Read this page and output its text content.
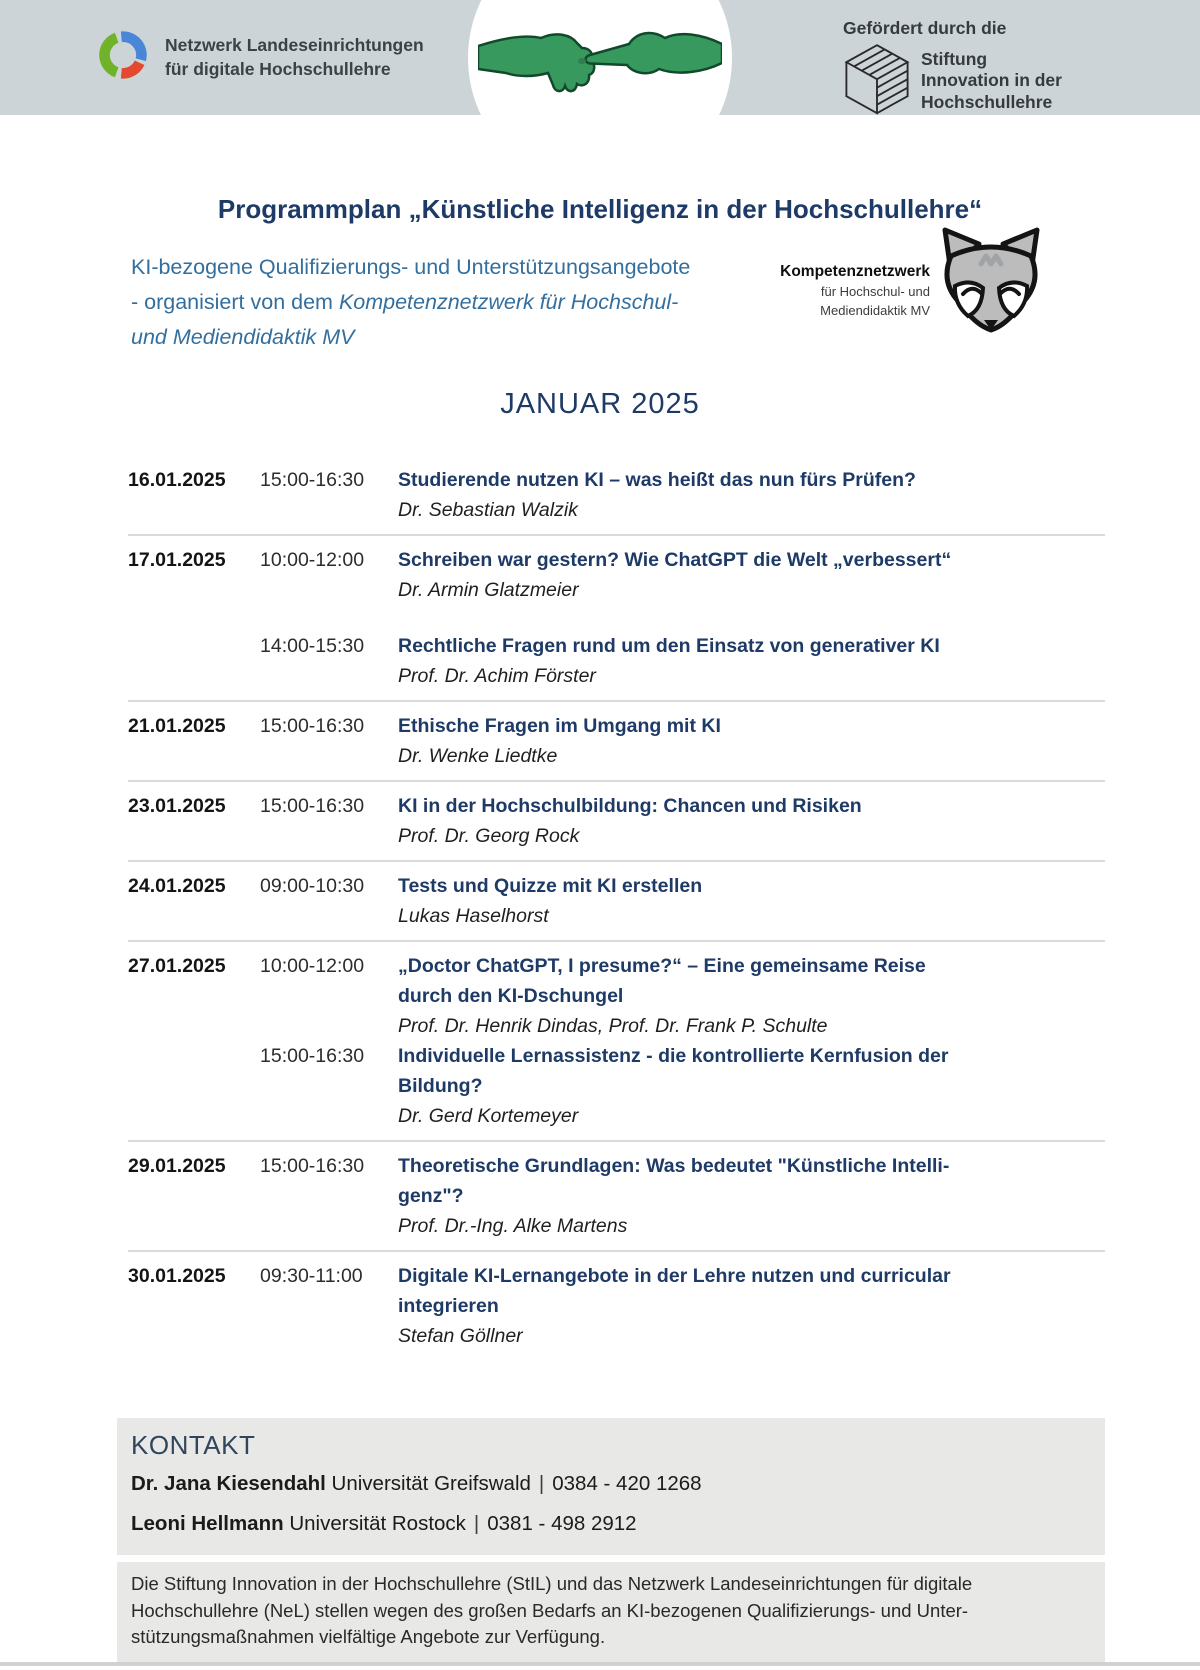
Netzwerk Landeseinrichtungen
für digitale Hochschullehre
Gefördert durch die
Stiftung
Innovation in der
Hochschullehre
Programmplan „Künstliche Intelligenz in der Hochschullehre“
KI-bezogene Qualifizierungs- und Unterstützungsangebote
- organisiert von dem Kompetenznetzwerk für Hochschul-
und Mediendidaktik MV
Kompetenznetzwerk
für Hochschul- und
Mediendidaktik MV
JANUAR 2025
16.01.2025	15:00-16:30	Studierende nutzen KI – was heißt das nun fürs Prüfen?
Dr. Sebastian Walzik
17.01.2025	10:00-12:00	Schreiben war gestern? Wie ChatGPT die Welt „verbessert“
Dr. Armin Glatzmeier
14:00-15:30	Rechtliche Fragen rund um den Einsatz von generativer KI
Prof. Dr. Achim Förster
21.01.2025	15:00-16:30	Ethische Fragen im Umgang mit KI
Dr. Wenke Liedtke
23.01.2025	15:00-16:30	KI in der Hochschulbildung: Chancen und Risiken
Prof. Dr. Georg Rock
24.01.2025	09:00-10:30	Tests und Quizze mit KI erstellen
Lukas Haselhorst
27.01.2025	10:00-12:00	„Doctor ChatGPT, I presume?“ – Eine gemeinsame Reise
durch den KI-Dschungel
Prof. Dr. Henrik Dindas, Prof. Dr. Frank P. Schulte
15:00-16:30	Individuelle Lernassistenz - die kontrollierte Kernfusion der
Bildung?
Dr. Gerd Kortemeyer
29.01.2025	15:00-16:30	Theoretische Grundlagen: Was bedeutet "Künstliche Intelli-
genz"?
Prof. Dr.-Ing. Alke Martens
30.01.2025	09:30-11:00	Digitale KI-Lernangebote in der Lehre nutzen und curricular
integrieren
Stefan Göllner
KONTAKT
Dr. Jana Kiesendahl Universität Greifswald | 0384 - 420 1268
Leoni Hellmann Universität Rostock | 0381 - 498 2912
Die Stiftung Innovation in der Hochschullehre (StIL) und das Netzwerk Landeseinrichtungen für digitale
Hochschullehre (NeL) stellen wegen des großen Bedarfs an KI-bezogenen Qualifizierungs- und Unter-
stützungsmaßnahmen vielfältige Angebote zur Verfügung.
